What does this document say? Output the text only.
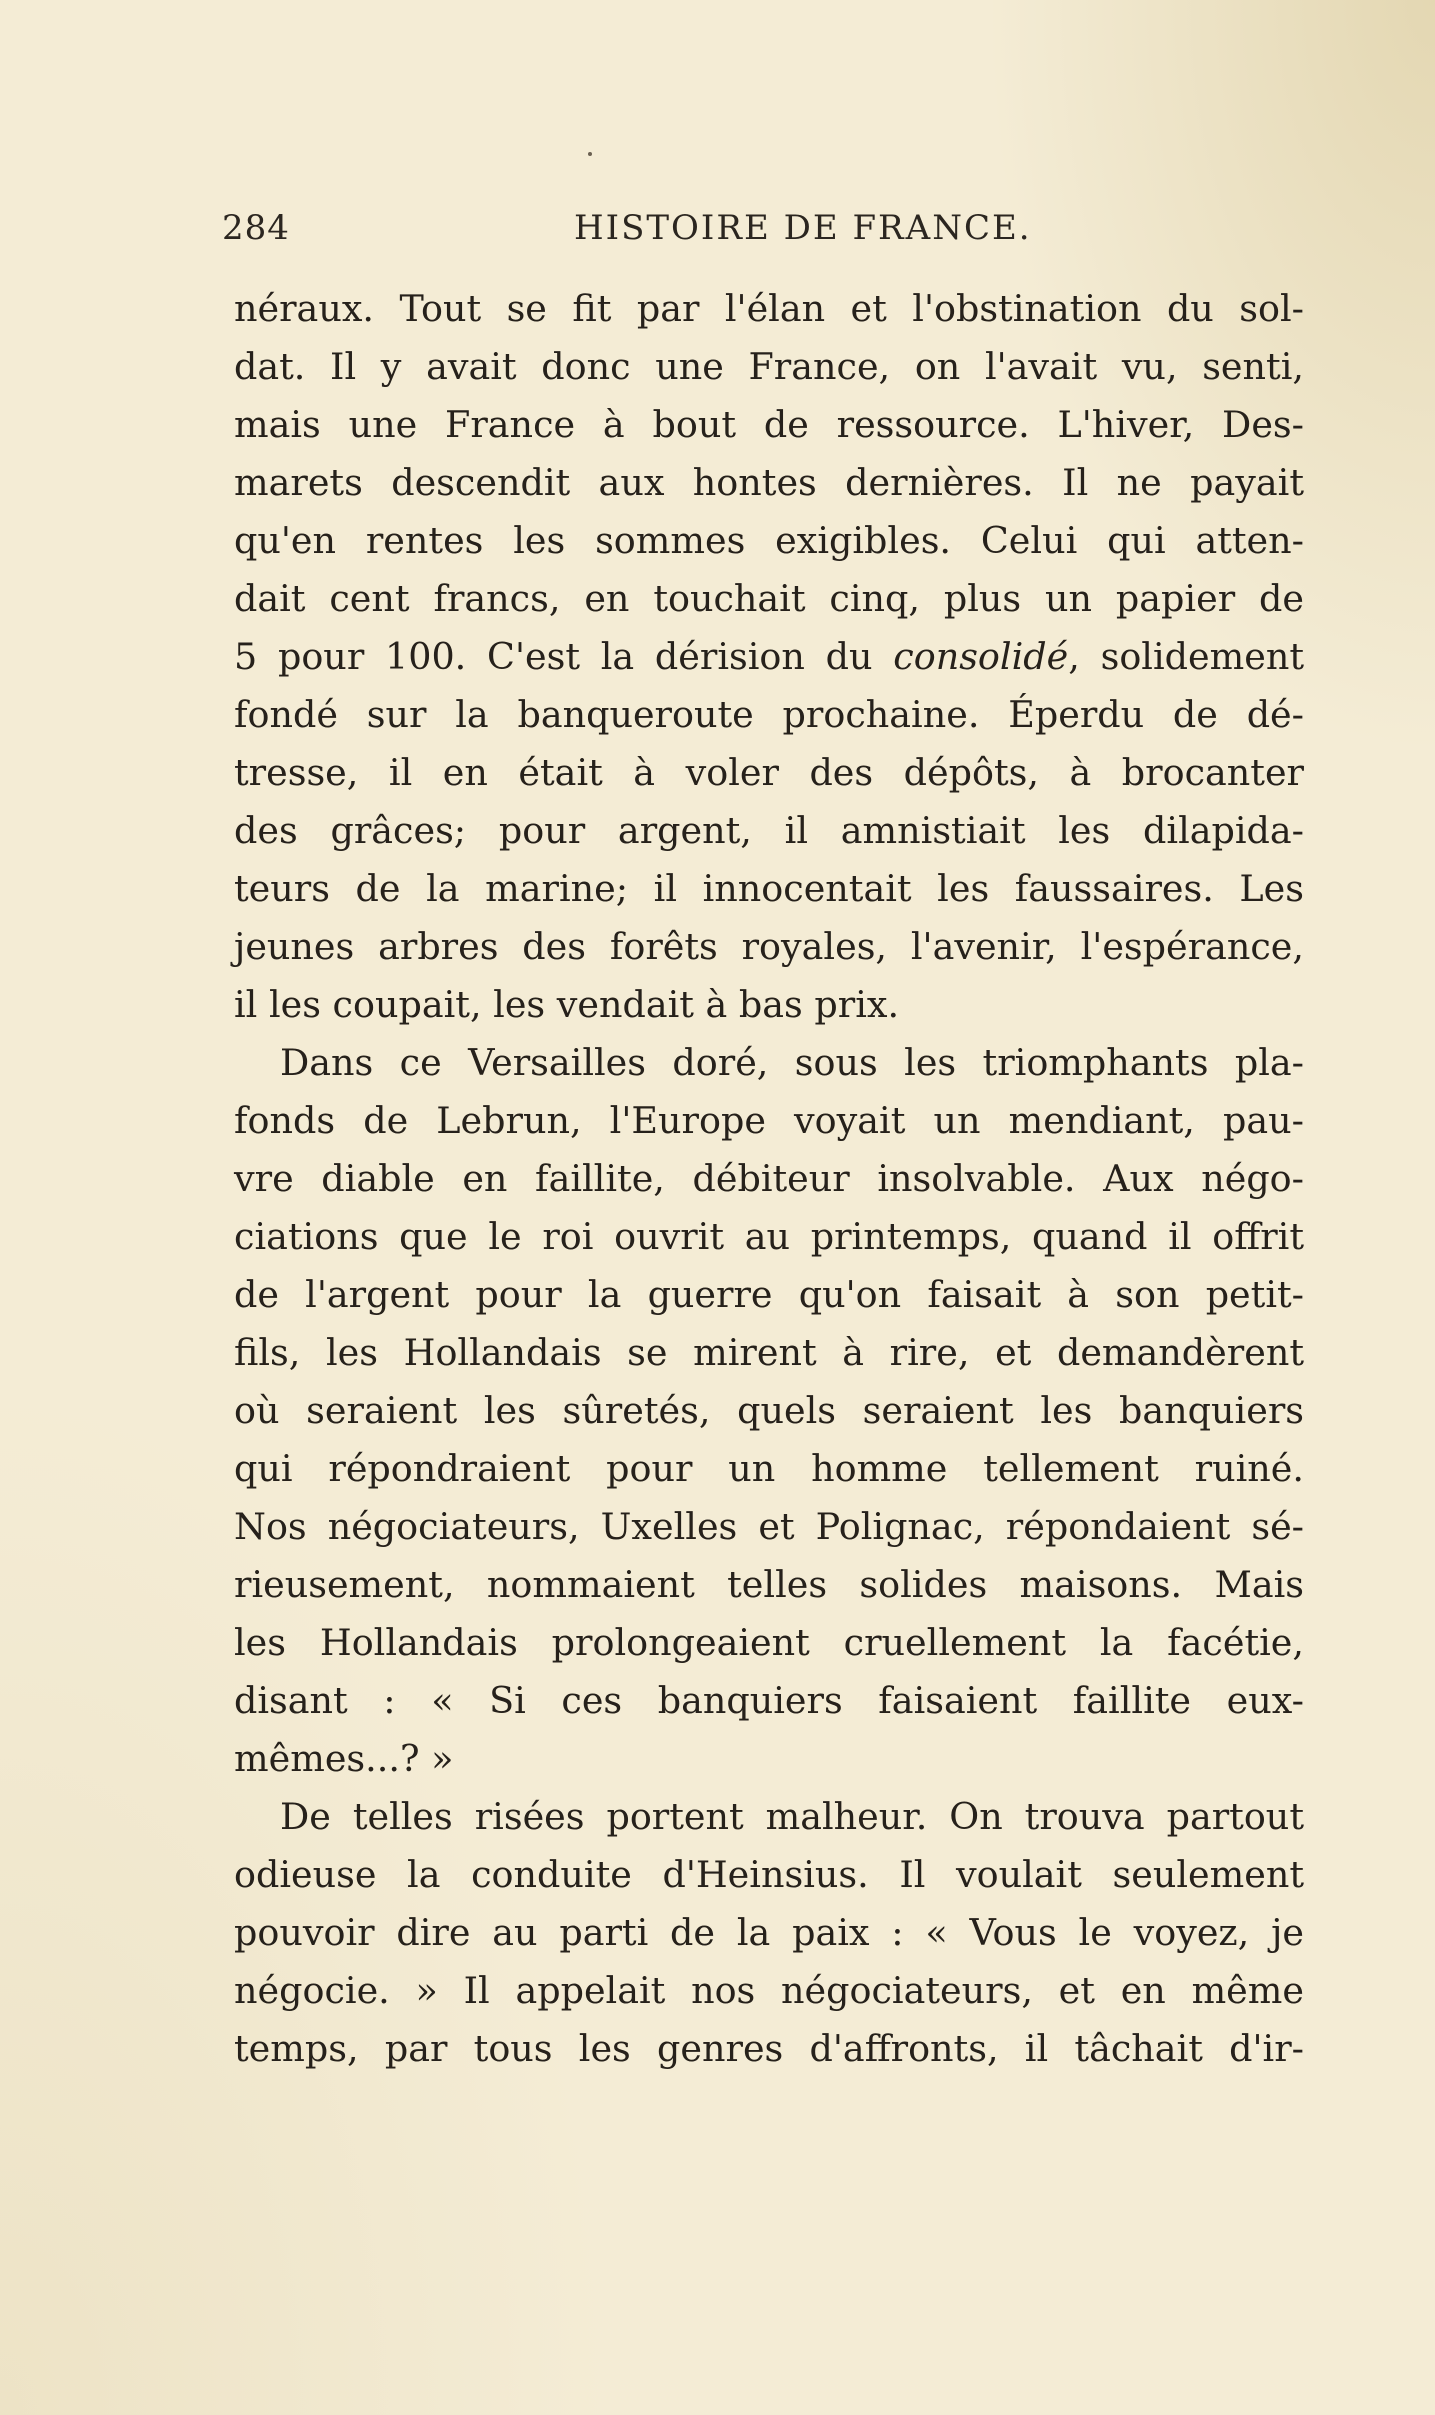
284	HISTOIRE DE FRANCE.
néraux. Tout se fit par l'élan et l'obstination du sol-
dat. Il y avait donc une France, on l'avait vu, senti,
mais une France à bout de ressource. L'hiver, Des-
marets descendit aux hontes dernières. Il ne payait
qu'en rentes les sommes exigibles. Celui qui atten-
dait cent francs, en touchait cinq, plus un papier de
5 pour 100. C'est la dérision du consolidé, solidement
fondé sur la banqueroute prochaine. Éperdu de dé-
tresse, il en était à voler des dépôts, à brocanter
des grâces; pour argent, il amnistiait les dilapida-
teurs de la marine; il innocentait les faussaires. Les
jeunes arbres des forêts royales, l'avenir, l'espérance,
il les coupait, les vendait à bas prix.
Dans ce Versailles doré, sous les triomphants pla-
fonds de Lebrun, l'Europe voyait un mendiant, pau-
vre diable en faillite, débiteur insolvable. Aux négo-
ciations que le roi ouvrit au printemps, quand il offrit
de l'argent pour la guerre qu'on faisait à son petit-
fils, les Hollandais se mirent à rire, et demandèrent
où seraient les sûretés, quels seraient les banquiers
qui répondraient pour un homme tellement ruiné.
Nos négociateurs, Uxelles et Polignac, répondaient sé-
rieusement, nommaient telles solides maisons. Mais
les Hollandais prolongeaient cruellement la facétie,
disant : « Si ces banquiers faisaient faillite eux-
mêmes...? »
De telles risées portent malheur. On trouva partout
odieuse la conduite d'Heinsius. Il voulait seulement
pouvoir dire au parti de la paix : « Vous le voyez, je
négocie. » Il appelait nos négociateurs, et en même
temps, par tous les genres d'affronts, il tâchait d'ir-
